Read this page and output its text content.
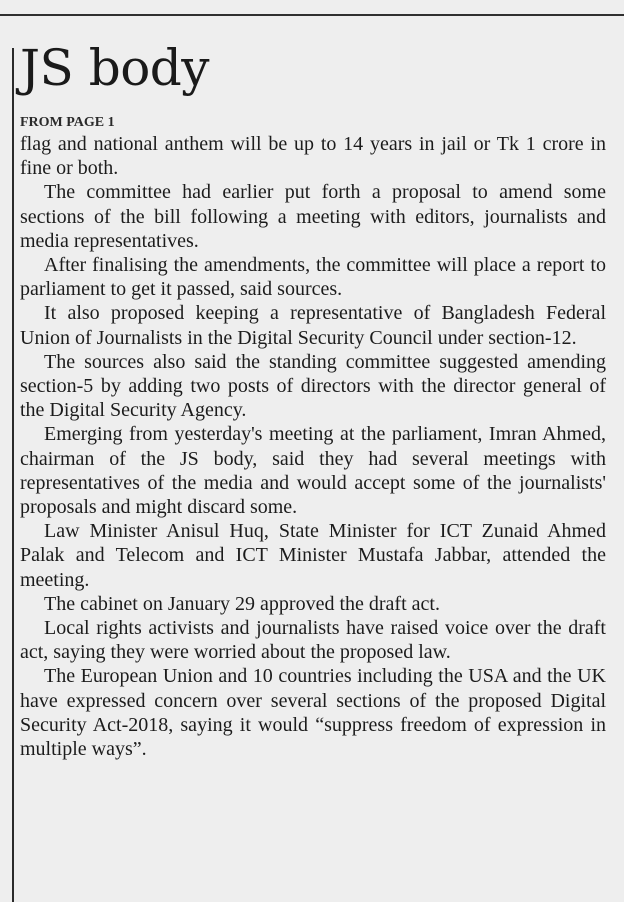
JS body
FROM PAGE 1

flag and national anthem will be up to 14 years in jail or Tk 1 crore in fine or both.

The committee had earlier put forth a proposal to amend some sections of the bill following a meeting with editors, journalists and media representatives.

After finalising the amendments, the committee will place a report to parliament to get it passed, said sources.

It also proposed keeping a representative of Bangladesh Federal Union of Journalists in the Digital Security Council under section-12.

The sources also said the standing committee suggested amending section-5 by adding two posts of directors with the director general of the Digital Security Agency.

Emerging from yesterday's meeting at the parliament, Imran Ahmed, chairman of the JS body, said they had several meetings with representatives of the media and would accept some of the journalists' proposals and might discard some.

Law Minister Anisul Huq, State Minister for ICT Zunaid Ahmed Palak and Telecom and ICT Minister Mustafa Jabbar, attended the meeting.

The cabinet on January 29 approved the draft act.

Local rights activists and journalists have raised voice over the draft act, saying they were worried about the proposed law.

The European Union and 10 countries including the USA and the UK have expressed concern over several sections of the proposed Digital Security Act-2018, saying it would “suppress freedom of expression in multiple ways”.
